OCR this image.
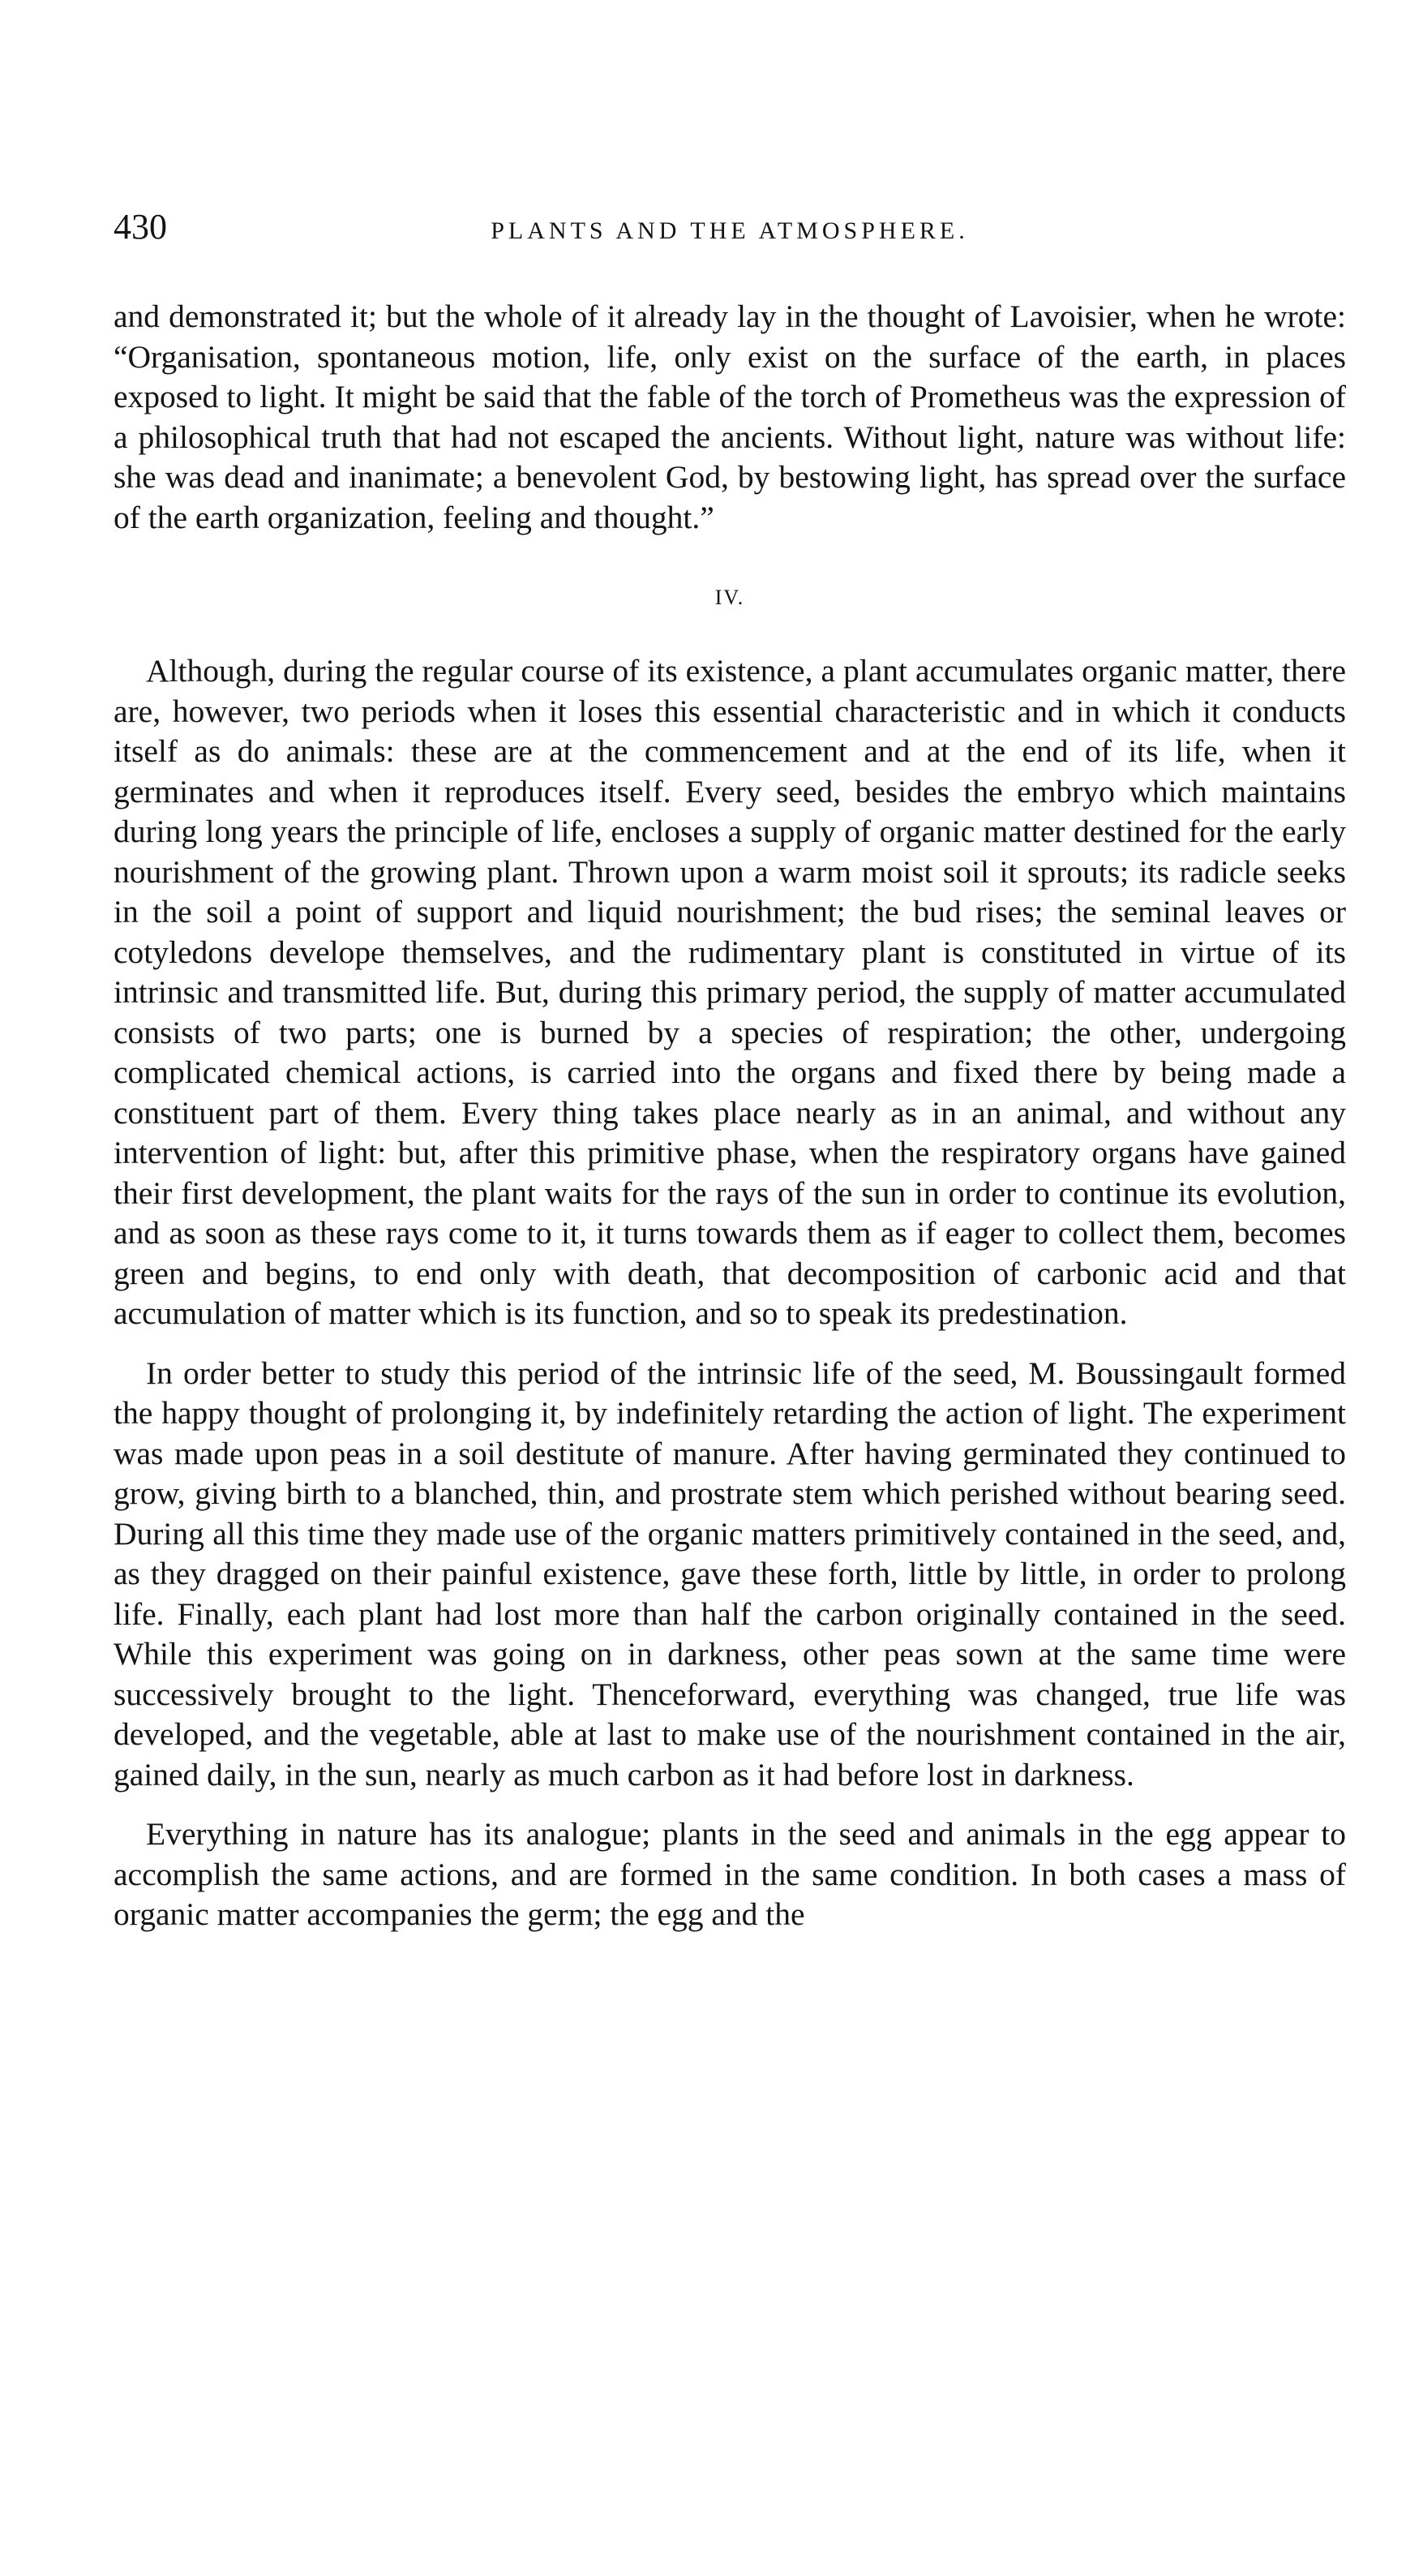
430	PLANTS AND THE ATMOSPHERE.

and demonstrated it; but the whole of it already lay in the thought of Lavoisier, when he wrote: “Organisation, spontaneous motion, life, only exist on the surface of the earth, in places exposed to light. It might be said that the fable of the torch of Prometheus was the expression of a philosophical truth that had not escaped the ancients. Without light, nature was without life: she was dead and inanimate; a benevolent God, by bestowing light, has spread over the surface of the earth organization, feeling and thought.”

IV.

Although, during the regular course of its existence, a plant accumulates organic matter, there are, however, two periods when it loses this essential characteristic and in which it conducts itself as do animals: these are at the commencement and at the end of its life, when it germinates and when it reproduces itself. Every seed, besides the embryo which maintains during long years the principle of life, encloses a supply of organic matter destined for the early nourishment of the growing plant. Thrown upon a warm moist soil it sprouts; its radicle seeks in the soil a point of support and liquid nourishment; the bud rises; the seminal leaves or cotyledons develope themselves, and the rudimentary plant is constituted in virtue of its intrinsic and transmitted life. But, during this primary period, the supply of matter accumulated consists of two parts; one is burned by a species of respiration; the other, undergoing complicated chemical actions, is carried into the organs and fixed there by being made a constituent part of them. Every thing takes place nearly as in an animal, and without any intervention of light: but, after this primitive phase, when the respiratory organs have gained their first development, the plant waits for the rays of the sun in order to continue its evolution, and as soon as these rays come to it, it turns towards them as if eager to collect them, becomes green and begins, to end only with death, that decomposition of carbonic acid and that accumulation of matter which is its function, and so to speak its predestination.

In order better to study this period of the intrinsic life of the seed, M. Boussingault formed the happy thought of prolonging it, by indefinitely retarding the action of light. The experiment was made upon peas in a soil destitute of manure. After having germinated they continued to grow, giving birth to a blanched, thin, and prostrate stem which perished without bearing seed. During all this time they made use of the organic matters primitively contained in the seed, and, as they dragged on their painful existence, gave these forth, little by little, in order to prolong life. Finally, each plant had lost more than half the carbon originally contained in the seed. While this experiment was going on in darkness, other peas sown at the same time were successively brought to the light. Thenceforward, everything was changed, true life was developed, and the vegetable, able at last to make use of the nourishment contained in the air, gained daily, in the sun, nearly as much carbon as it had before lost in darkness.

Everything in nature has its analogue; plants in the seed and animals in the egg appear to accomplish the same actions, and are formed in the same condition. In both cases a mass of organic matter accompanies the germ; the egg and the
